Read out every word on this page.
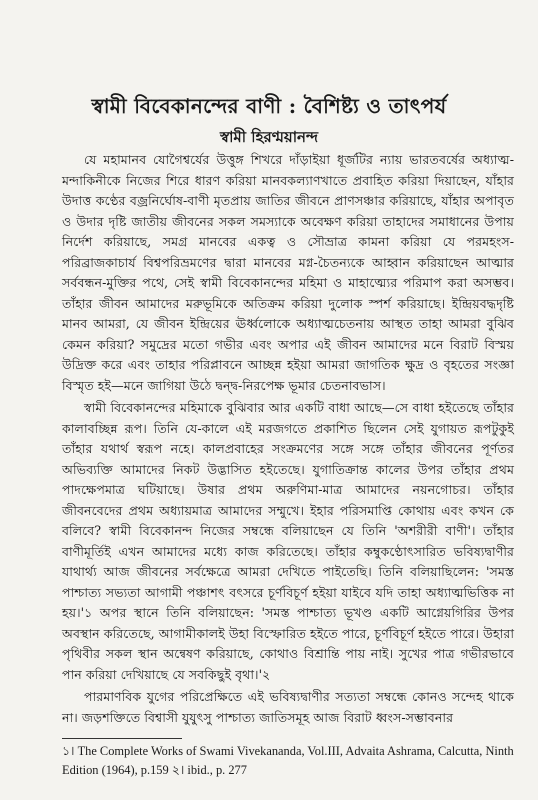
স্বামী বিবেকানন্দের বাণী : বৈশিষ্ট্য ও তাৎপর্য
স্বামী হিরণ্ময়ানন্দ

যে মহামানব যোগৈশ্বর্যের উত্তুঙ্গ শিখরে দাঁড়াইয়া ধূর্জটির ন্যায় ভারতবর্ষের অধ্যাত্ম-মন্দাকিনীকে নিজের শিরে ধারণ করিয়া মানবকল্যাণখাতে প্রবাহিত করিয়া দিয়াছেন, যাঁহার উদাত্ত কণ্ঠের বজ্রনির্ঘোষ-বাণী মৃতপ্রায় জাতির জীবনে প্রাণসঞ্চার করিয়াছে, যাঁহার অপাবৃত ও উদার দৃষ্টি জাতীয় জীবনের সকল সমস্যাকে অবেক্ষণ করিয়া তাহাদের সমাধানের উপায় নির্দেশ করিয়াছে, সমগ্র মানবের একত্ব ও সৌভ্রাত্র কামনা করিয়া যে পরমহংস-পরিব্রাজকাচার্য বিশ্বপরিভ্রমণের দ্বারা মানবের মগ্ন-চৈতন্যকে আহ্বান করিয়াছেন আত্মার সর্ববন্ধন-মুক্তির পথে, সেই স্বামী বিবেকানন্দের মহিমা ও মাহাত্ম্যের পরিমাপ করা অসম্ভব। তাঁহার জীবন আমাদের মরুভূমিকে অতিক্রম করিয়া দুলোক স্পর্শ করিয়াছে। ইন্দ্রিয়বদ্ধদৃষ্টি মানব আমরা, যে জীবন ইন্দ্রিয়ের ঊর্ধ্বলোকে অধ্যাত্মচেতনায় আস্থত তাহা আমরা বুঝিব কেমন করিয়া? সমুদ্রের মতো গভীর এবং অপার এই জীবন আমাদের মনে বিরাট বিস্ময় উদ্রিক্ত করে এবং তাহার পরিপ্লাবনে আচ্ছন্ন হইয়া আমরা জাগতিক ক্ষুদ্র ও বৃহতের সংজ্ঞা বিস্মৃত হই—মনে জাগিয়া উঠে দ্বন্দ্ব-নিরপেক্ষ ভূমার চেতনাবভাস।

স্বামী বিবেকানন্দের মহিমাকে বুঝিবার আর একটি বাধা আছে—সে বাধা হইতেছে তাঁহার কালাবচ্ছিন্ন রূপ। তিনি যে-কালে এই মরজগতে প্রকাশিত ছিলেন সেই যুগায়ত রূপটুকুই তাঁহার যথার্থ স্বরূপ নহে। কালপ্রবাহের সংক্রমণের সঙ্গে সঙ্গে তাঁহার জীবনের পূর্ণতর অভিব্যক্তি আমাদের নিকট উদ্ভাসিত হইতেছে। যুগাতিক্রান্ত কালের উপর তাঁহার প্রথম পাদক্ষেপমাত্র ঘটিয়াছে। উষার প্রথম অরুণিমা-মাত্র আমাদের নয়নগোচর। তাঁহার জীবনবেদের প্রথম অধ্যায়মাত্র আমাদের সম্মুখে। ইহার পরিসমাপ্তি কোথায় এবং কখন কে বলিবে? স্বামী বিবেকানন্দ নিজের সম্বন্ধে বলিয়াছেন যে তিনি 'অশরীরী বাণী'। তাঁহার বাণীমূর্তিই এখন আমাদের মধ্যে কাজ করিতেছে। তাঁহার কম্বুকণ্ঠোৎসারিত ভবিষ্যদ্বাণীর যাথার্থ্য আজ জীবনের সর্বক্ষেত্রে আমরা দেখিতে পাইতেছি। তিনি বলিয়াছিলেন: 'সমস্ত পাশ্চাত্য সভ্যতা আগামী পঞ্চাশৎ বৎসরে চূর্ণবিচূর্ণ হইয়া যাইবে যদি তাহা অধ্যাত্মভিত্তিক না হয়।'১ অপর স্থানে তিনি বলিয়াছেন: 'সমস্ত পাশ্চাত্য ভূখণ্ড একটি আগ্নেয়গিরির উপর অবস্থান করিতেছে, আগামীকালই উহা বিস্ফোরিত হইতে পারে, চূর্ণবিচূর্ণ হইতে পারে। উহারা পৃথিবীর সকল স্থান অন্বেষণ করিয়াছে, কোথাও বিশ্রান্তি পায় নাই। সুখের পাত্র গভীরভাবে পান করিয়া দেখিয়াছে যে সবকিছুই বৃথা।'২

পারমাণবিক যুগের পরিপ্রেক্ষিতে এই ভবিষ্যদ্বাণীর সত্যতা সম্বন্ধে কোনও সন্দেহ থাকে না। জড়শক্তিতে বিশ্বাসী যুযুৎসু পাশ্চাত্য জাতিসমূহ আজ বিরাট ধ্বংস-সম্ভাবনার

১। The Complete Works of Swami Vivekananda, Vol.III, Advaita Ashrama, Calcutta, Ninth Edition (1964), p.159 ২। ibid., p. 277
